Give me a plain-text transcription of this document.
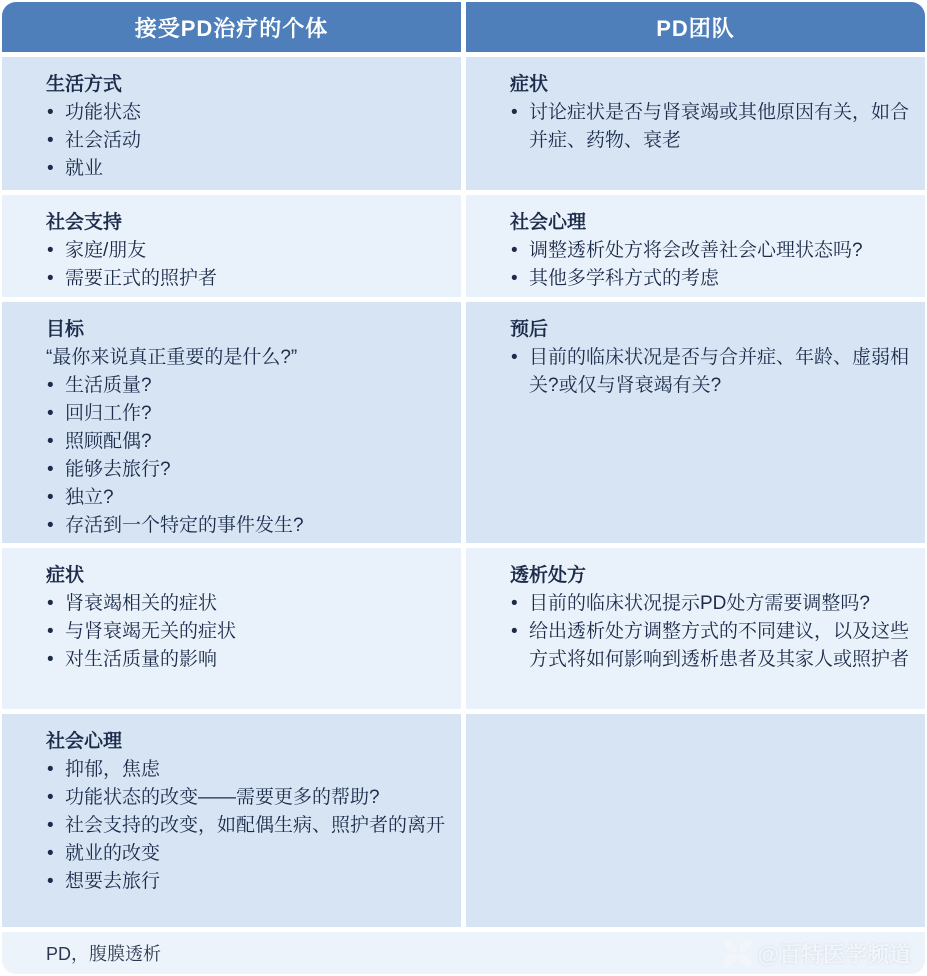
接受PD治疗的个体	PD团队
生活方式
• 功能状态
• 社会活动
• 就业
症状
• 讨论症状是否与肾衰竭或其他原因有关，如合并症、药物、衰老
社会支持
• 家庭/朋友
• 需要正式的照护者
社会心理
• 调整透析处方将会改善社会心理状态吗?
• 其他多学科方式的考虑
目标
“最你来说真正重要的是什么?”
• 生活质量?
• 回归工作?
• 照顾配偶?
• 能够去旅行?
• 独立?
• 存活到一个特定的事件发生?
预后
• 目前的临床状况是否与合并症、年龄、虚弱相关?或仅与肾衰竭有关?
症状
• 肾衰竭相关的症状
• 与肾衰竭无关的症状
• 对生活质量的影响
透析处方
• 目前的临床状况提示PD处方需要调整吗?
• 给出透析处方调整方式的不同建议，以及这些方式将如何影响到透析患者及其家人或照护者
社会心理
• 抑郁，焦虑
• 功能状态的改变——需要更多的帮助?
• 社会支持的改变，如配偶生病、照护者的离开
• 就业的改变
• 想要去旅行
PD，腹膜透析	@百特医学频道
